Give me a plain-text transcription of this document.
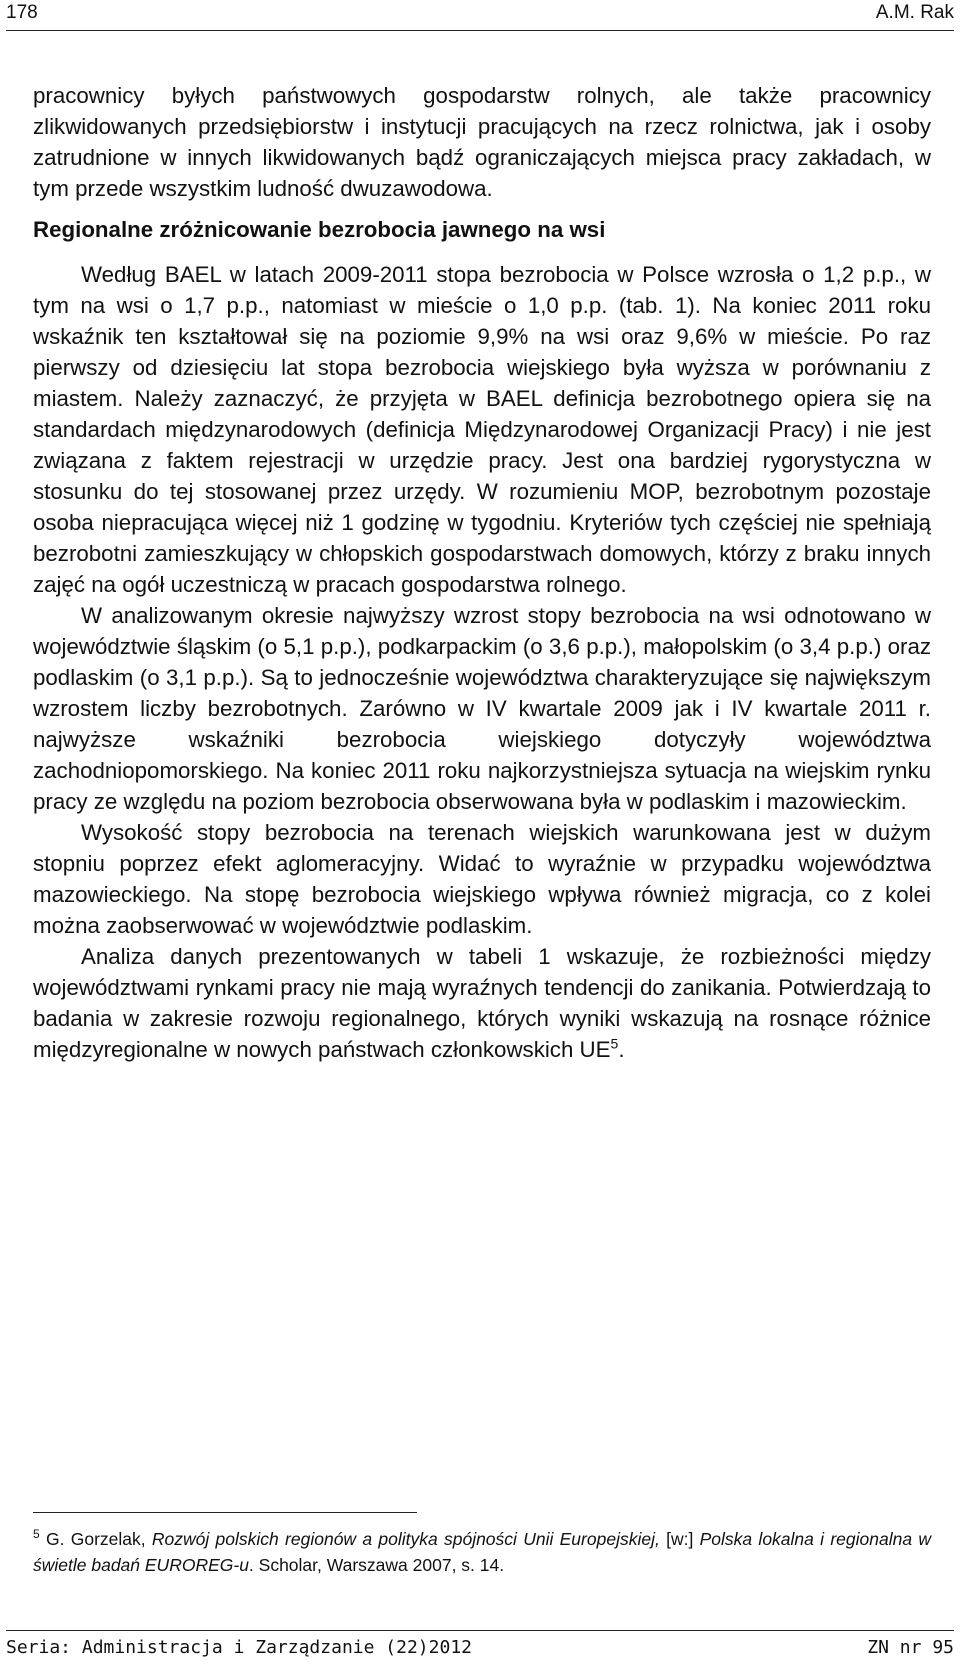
178	A.M. Rak

pracownicy byłych państwowych gospodarstw rolnych, ale także pracownicy zlikwidowanych przedsiębiorstw i instytucji pracujących na rzecz rolnictwa, jak i osoby zatrudnione w innych likwidowanych bądź ograniczających miejsca pracy zakładach, w tym przede wszystkim ludność dwuzawodowa.

Regionalne zróżnicowanie bezrobocia jawnego na wsi

Według BAEL w latach 2009-2011 stopa bezrobocia w Polsce wzrosła o 1,2 p.p., w tym na wsi o 1,7 p.p., natomiast w mieście o 1,0 p.p. (tab. 1). Na koniec 2011 roku wskaźnik ten kształtował się na poziomie 9,9% na wsi oraz 9,6% w mieście. Po raz pierwszy od dziesięciu lat stopa bezrobocia wiejskiego była wyższa w porównaniu z miastem. Należy zaznaczyć, że przyjęta w BAEL definicja bezrobotnego opiera się na standardach międzynarodowych (definicja Międzynarodowej Organizacji Pracy) i nie jest związana z faktem rejestracji w urzędzie pracy. Jest ona bardziej rygorystyczna w stosunku do tej stosowanej przez urzędy. W rozumieniu MOP, bezrobotnym pozostaje osoba niepracująca więcej niż 1 godzinę w tygodniu. Kryteriów tych częściej nie spełniają bezrobotni zamieszkujący w chłopskich gospodarstwach domowych, którzy z braku innych zajęć na ogół uczestniczą w pracach gospodarstwa rolnego.

W analizowanym okresie najwyższy wzrost stopy bezrobocia na wsi odnotowano w województwie śląskim (o 5,1 p.p.), podkarpackim (o 3,6 p.p.), małopolskim (o 3,4 p.p.) oraz podlaskim (o 3,1 p.p.). Są to jednocześnie województwa charakteryzujące się największym wzrostem liczby bezrobotnych. Zarówno w IV kwartale 2009 jak i IV kwartale 2011 r. najwyższe wskaźniki bezrobocia wiejskiego dotyczyły województwa zachodniopomorskiego. Na koniec 2011 roku najkorzystniejsza sytuacja na wiejskim rynku pracy ze względu na poziom bezrobocia obserwowana była w podlaskim i mazowieckim.

Wysokość stopy bezrobocia na terenach wiejskich warunkowana jest w dużym stopniu poprzez efekt aglomeracyjny. Widać to wyraźnie w przypadku województwa mazowieckiego. Na stopę bezrobocia wiejskiego wpływa również migracja, co z kolei można zaobserwować w województwie podlaskim.

Analiza danych prezentowanych w tabeli 1 wskazuje, że rozbieżności między województwami rynkami pracy nie mają wyraźnych tendencji do zanikania. Potwierdzają to badania w zakresie rozwoju regionalnego, których wyniki wskazują na rosnące różnice międzyregionalne w nowych państwach członkowskich $UE^5$.

$^5$ G. Gorzelak, Rozwój polskich regionów a polityka spójności Unii Europejskiej, [w:] Polska lokalna i regionalna w świetle badań EUROREG-u. Scholar, Warszawa 2007, s. 14.
Seria: Administracja i Zarządzanie (22)2012	ZN nr 95
